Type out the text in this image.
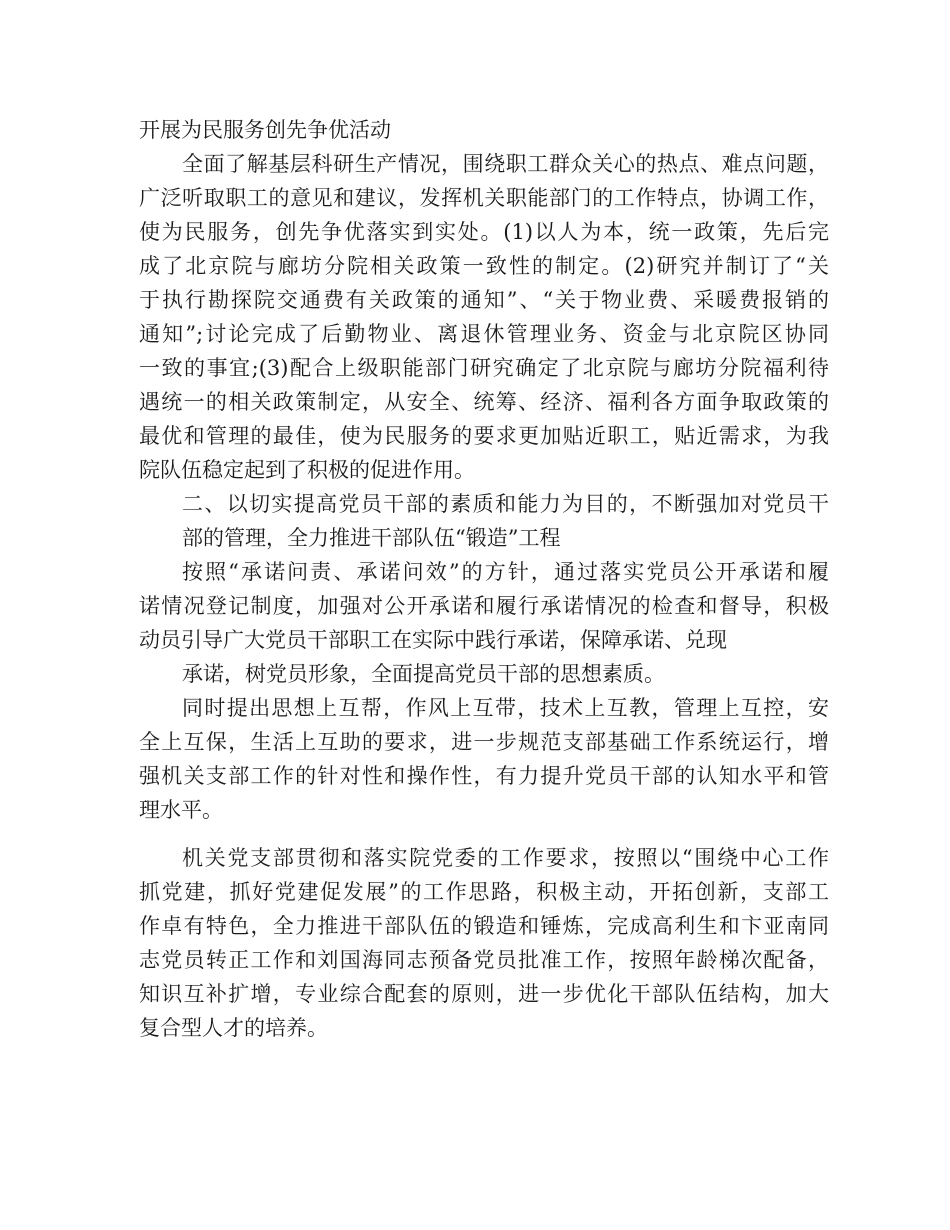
开展为民服务创先争优活动
全面了解基层科研生产情况，围绕职工群众关心的热点、难点问题，
广泛听取职工的意见和建议，发挥机关职能部门的工作特点，协调工作，
使为民服务，创先争优落实到实处。(1)以人为本，统一政策，先后完
成了北京院与廊坊分院相关政策一致性的制定。(2)研究并制订了“关
于执行勘探院交通费有关政策的通知”、“关于物业费、采暖费报销的
通知”;讨论完成了后勤物业、离退休管理业务、资金与北京院区协同
一致的事宜;(3)配合上级职能部门研究确定了北京院与廊坊分院福利待
遇统一的相关政策制定，从安全、统筹、经济、福利各方面争取政策的
最优和管理的最佳，使为民服务的要求更加贴近职工，贴近需求，为我
院队伍稳定起到了积极的促进作用。
二、以切实提高党员干部的素质和能力为目的，不断强加对党员干
部的管理，全力推进干部队伍“锻造”工程
按照“承诺问责、承诺问效”的方针，通过落实党员公开承诺和履
诺情况登记制度，加强对公开承诺和履行承诺情况的检查和督导，积极
动员引导广大党员干部职工在实际中践行承诺，保障承诺、兑现
承诺，树党员形象，全面提高党员干部的思想素质。
同时提出思想上互帮，作风上互带，技术上互教，管理上互控，安
全上互保，生活上互助的要求，进一步规范支部基础工作系统运行，增
强机关支部工作的针对性和操作性，有力提升党员干部的认知水平和管
理水平。
机关党支部贯彻和落实院党委的工作要求，按照以“围绕中心工作
抓党建，抓好党建促发展”的工作思路，积极主动，开拓创新，支部工
作卓有特色，全力推进干部队伍的锻造和锤炼，完成高利生和卞亚南同
志党员转正工作和刘国海同志预备党员批准工作，按照年龄梯次配备，
知识互补扩增，专业综合配套的原则，进一步优化干部队伍结构，加大
复合型人才的培养。
